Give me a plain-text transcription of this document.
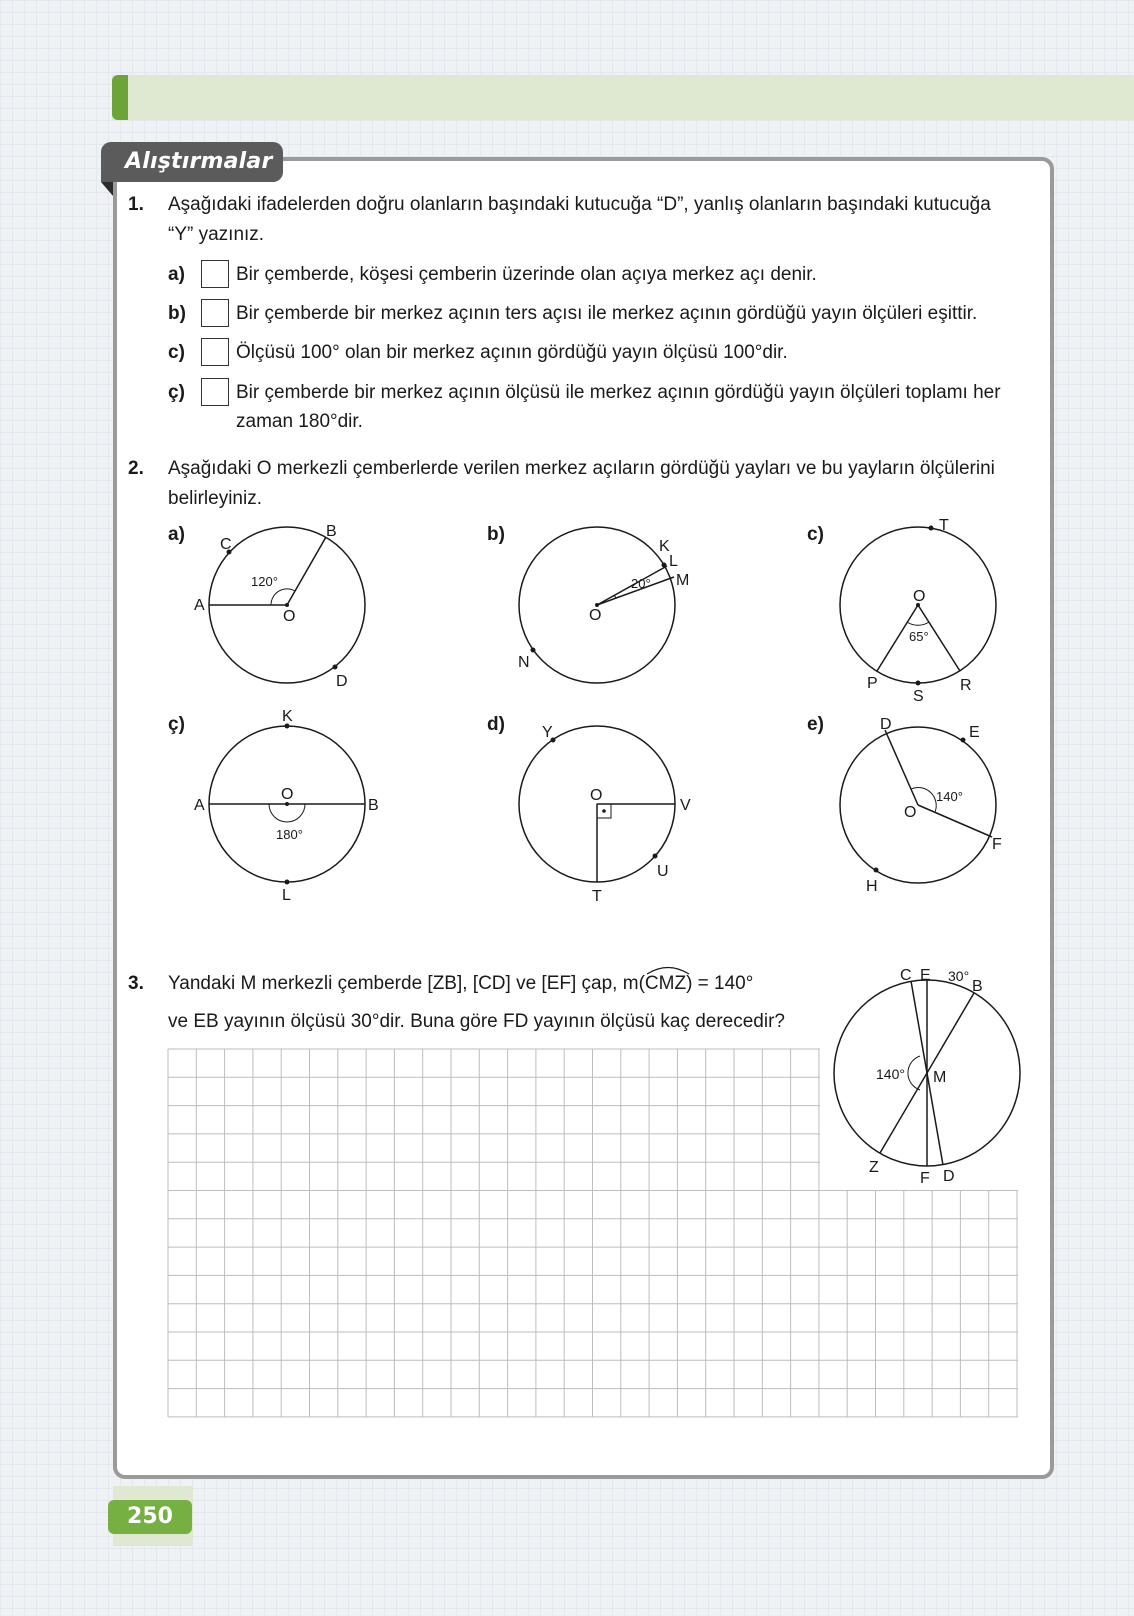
Alıştırmalar
1. Aşağıdaki ifadelerden doğru olanların başındaki kutucuğa “D”, yanlış olanların başındaki kutucuğa
“Y” yazınız.
a)	Bir çemberde, köşesi çemberin üzerinde olan açıya merkez açı denir.
b)	Bir çemberde bir merkez açının ters açısı ile merkez açının gördüğü yayın ölçüleri eşittir.
c)	Ölçüsü 100° olan bir merkez açının gördüğü yayın ölçüsü 100°dir.
ç)	Bir çemberde bir merkez açının ölçüsü ile merkez açının gördüğü yayın ölçüleri toplamı her
zaman 180°dir.
2. Aşağıdaki O merkezli çemberlerde verilen merkez açıların gördüğü yayları ve bu yayların ölçülerini
belirleyiniz.
a)	b)	c)
ç)	d)	e)
C
B
A
O
D
120°
K
L
M
O
N
20°
T
O
P
S
R
65°
K
O
A	B
L
180°
Y
O
V
U
T
D	E
O
F
H
140°
C E
B
M
Z
F D
30°
140°
3. Yandaki M merkezli çemberde [ZB], [CD] ve [EF] çap, m(
CMZ) = 140°
ve EB yayının ölçüsü 30°dir. Buna göre FD yayının ölçüsü kaç derecedir?
250
